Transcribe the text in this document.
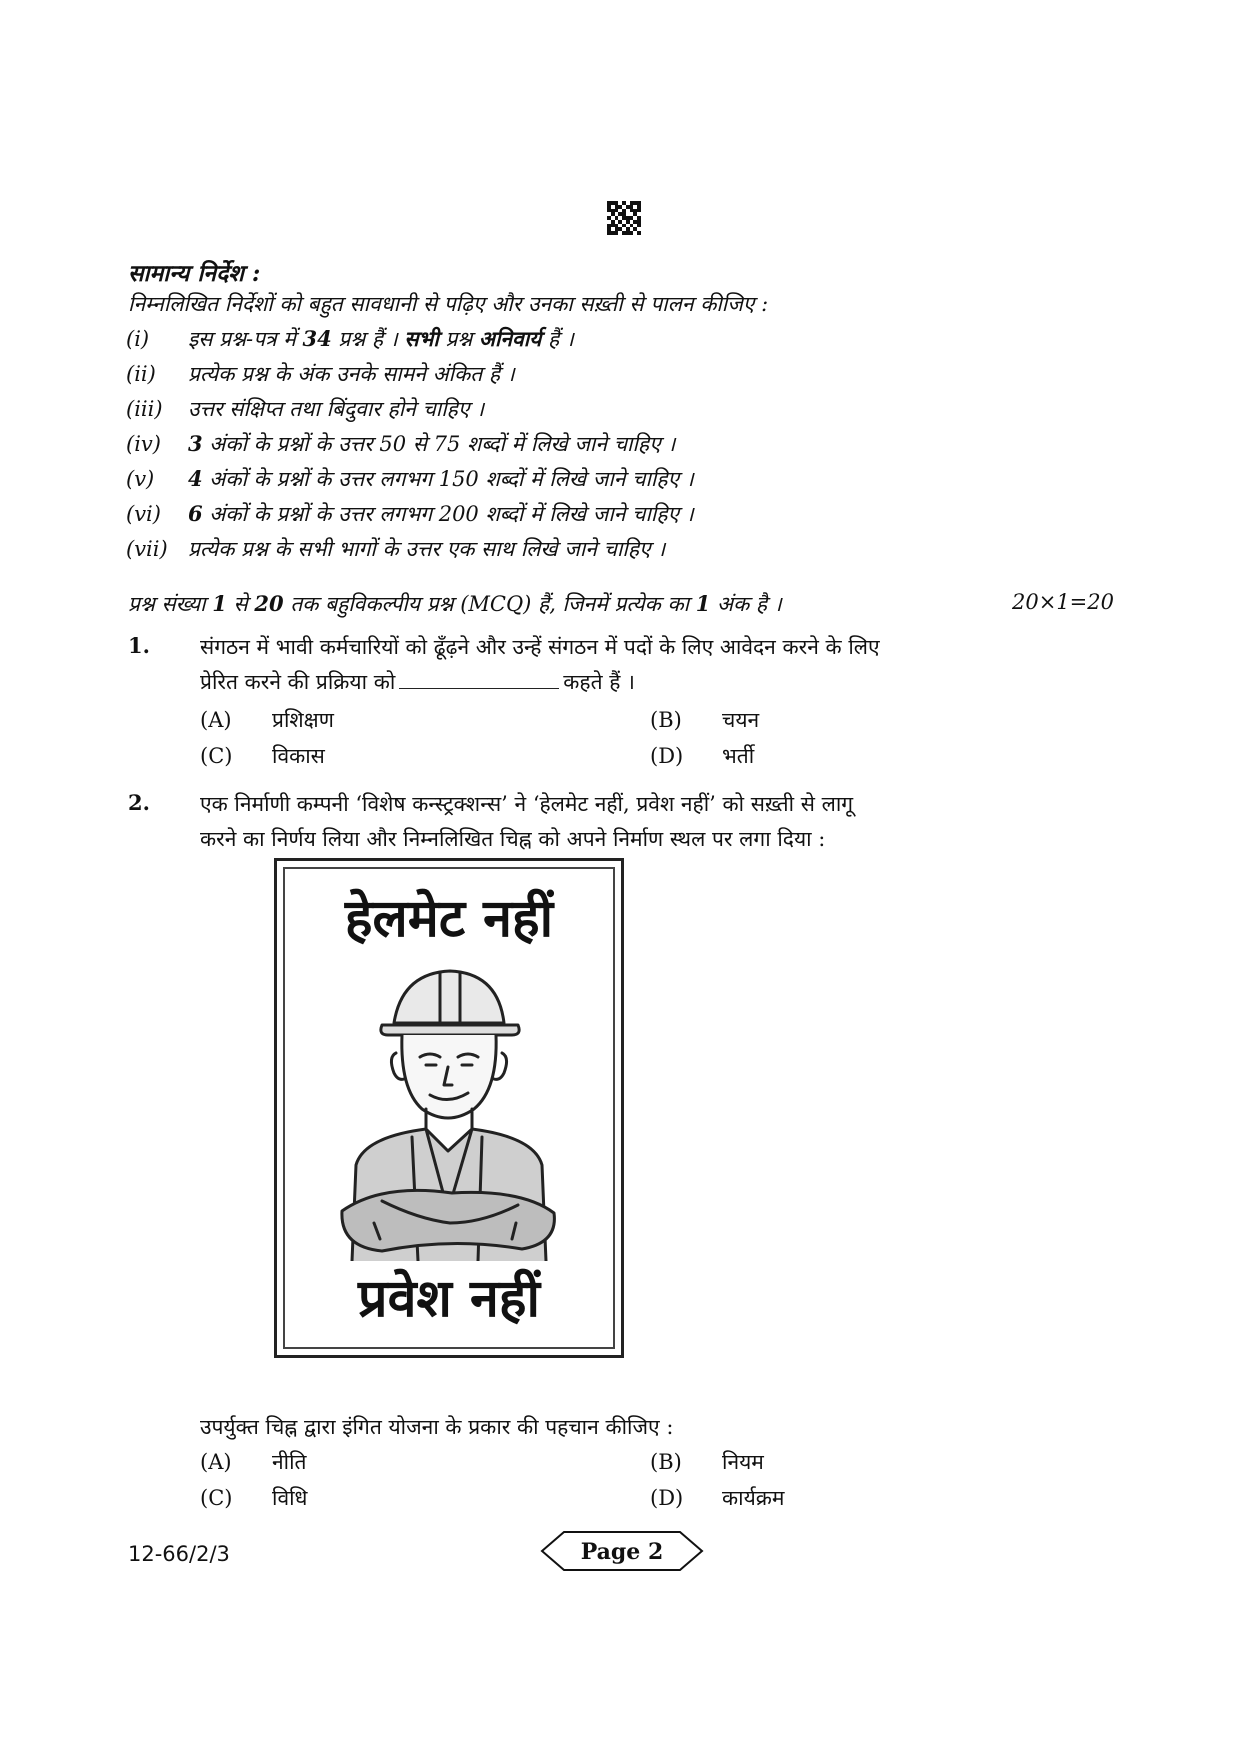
सामान्य निर्देश :
निम्नलिखित निर्देशों को बहुत सावधानी से पढ़िए और उनका सख़्ती से पालन कीजिए :
(i) इस प्रश्न-पत्र में 34 प्रश्न हैं । सभी प्रश्न अनिवार्य हैं ।
(ii) प्रत्येक प्रश्न के अंक उनके सामने अंकित हैं ।
(iii) उत्तर संक्षिप्त तथा बिंदुवार होने चाहिए ।
(iv) 3 अंकों के प्रश्नों के उत्तर 50 से 75 शब्दों में लिखे जाने चाहिए ।
(v) 4 अंकों के प्रश्नों के उत्तर लगभग 150 शब्दों में लिखे जाने चाहिए ।
(vi) 6 अंकों के प्रश्नों के उत्तर लगभग 200 शब्दों में लिखे जाने चाहिए ।
(vii) प्रत्येक प्रश्न के सभी भागों के उत्तर एक साथ लिखे जाने चाहिए ।
प्रश्न संख्या 1 से 20 तक बहुविकल्पीय प्रश्न (MCQ) हैं, जिनमें प्रत्येक का 1 अंक है ।	20×1=20
1. संगठन में भावी कर्मचारियों को ढूँढ़ने और उन्हें संगठन में पदों के लिए आवेदन करने के लिए
प्रेरित करने की प्रक्रिया को	कहते हैं ।
(A) प्रशिक्षण	(B) चयन
(C) विकास	(D) भर्ती
2. एक निर्माणी कम्पनी ‘विशेष कन्स्ट्रक्शन्स’ ने ‘हेलमेट नहीं, प्रवेश नहीं’ को सख़्ती से लागू
करने का निर्णय लिया और निम्नलिखित चिह्न को अपने निर्माण स्थल पर लगा दिया :
हेलमेट नहीं
प्रवेश नहीं
उपर्युक्त चिह्न द्वारा इंगित योजना के प्रकार की पहचान कीजिए :
(A) नीति	(B) नियम
(C) विधि	(D) कार्यक्रम
12-66/2/3	Page 2
